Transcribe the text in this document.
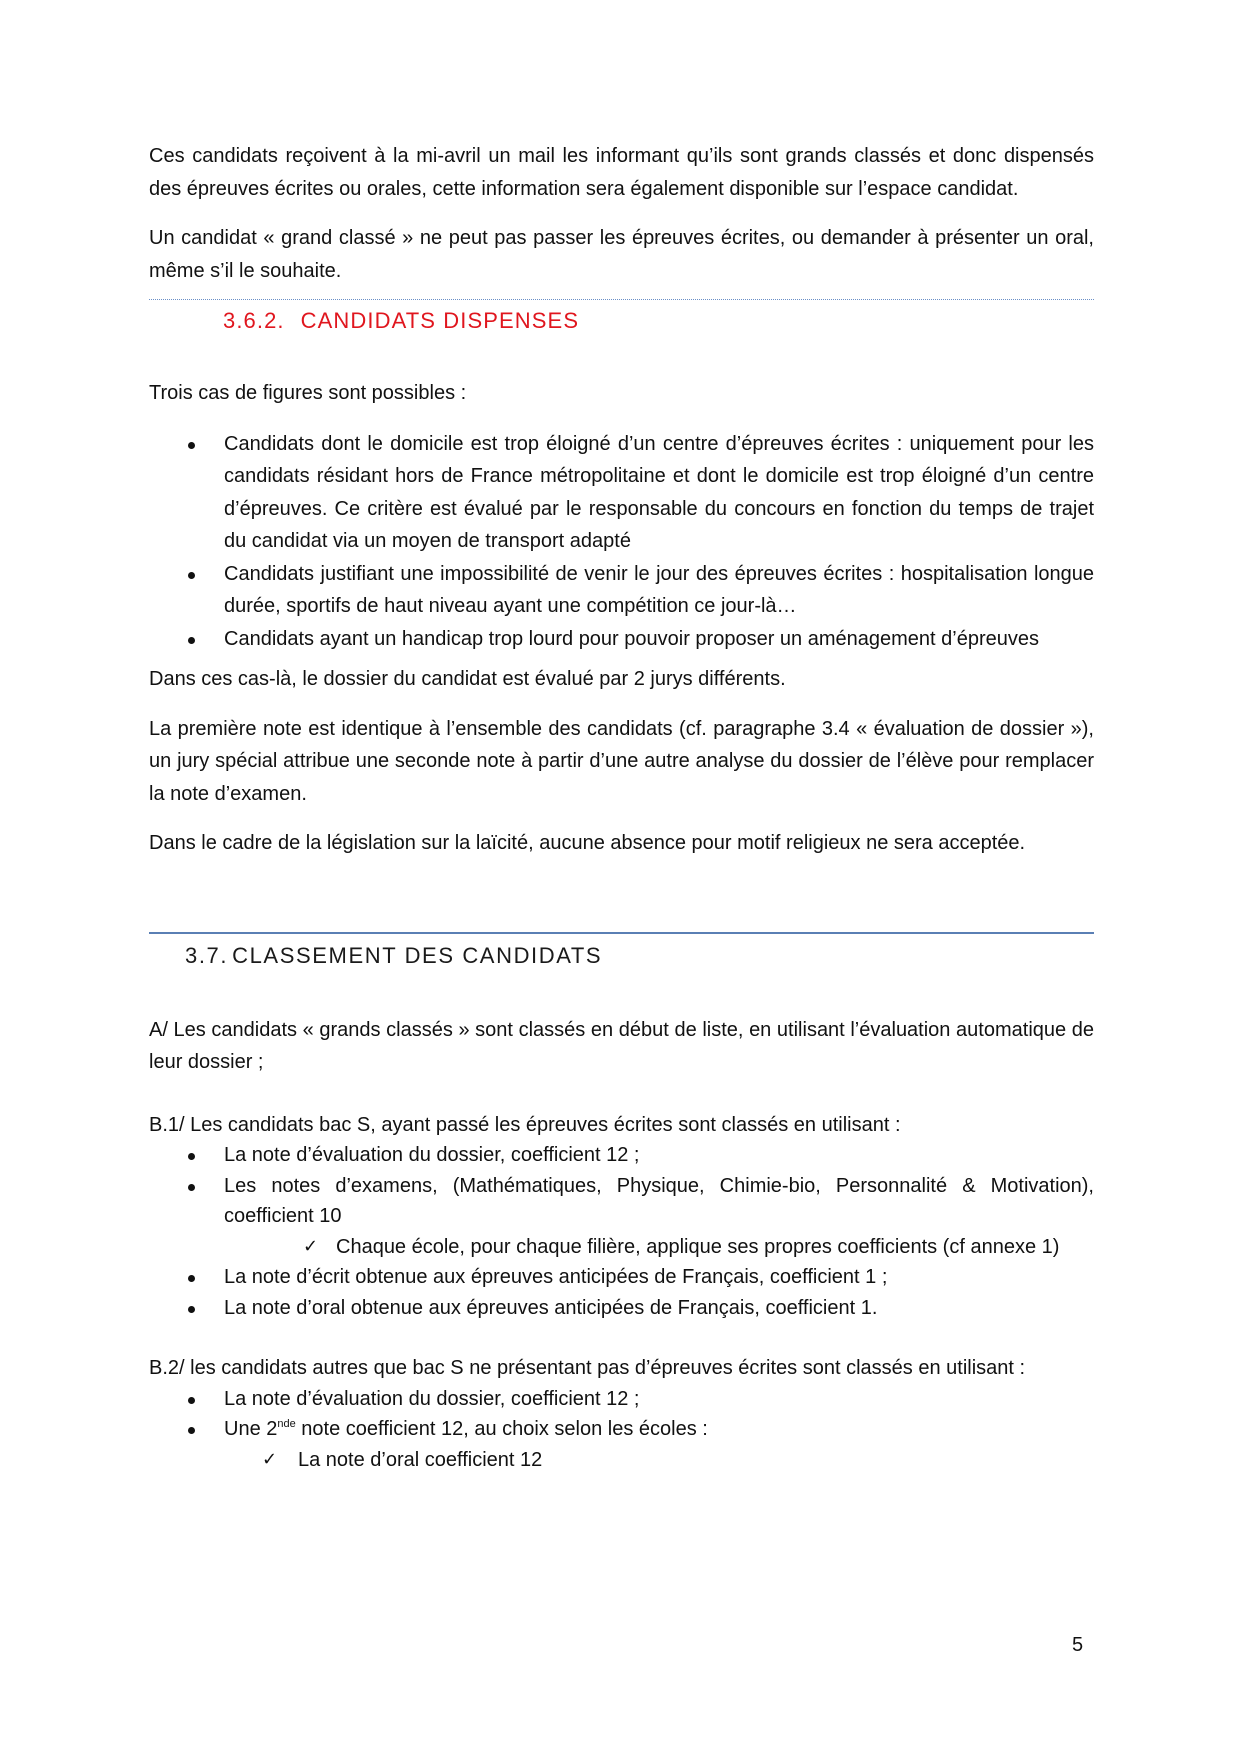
Ces candidats reçoivent à la mi-avril un mail les informant qu’ils sont grands classés et donc dispensés des épreuves écrites ou orales, cette information sera également disponible sur l’espace candidat.

Un candidat « grand classé » ne peut pas passer les épreuves écrites, ou demander à présenter un oral, même s’il le souhaite.

3.6.2. CANDIDATS DISPENSES

Trois cas de figures sont possibles :

Candidats dont le domicile est trop éloigné d’un centre d’épreuves écrites : uniquement pour les candidats résidant hors de France métropolitaine et dont le domicile est trop éloigné d’un centre d’épreuves. Ce critère est évalué par le responsable du concours en fonction du temps de trajet du candidat via un moyen de transport adapté
Candidats justifiant une impossibilité de venir le jour des épreuves écrites : hospitalisation longue durée, sportifs de haut niveau ayant une compétition ce jour-là…
Candidats ayant un handicap trop lourd pour pouvoir proposer un aménagement d’épreuves

Dans ces cas-là, le dossier du candidat est évalué par 2 jurys différents.

La première note est identique à l’ensemble des candidats (cf. paragraphe 3.4 « évaluation de dossier »), un jury spécial attribue une seconde note à partir d’une autre analyse du dossier de l’élève pour remplacer la note d’examen.

Dans le cadre de la législation sur la laïcité, aucune absence pour motif religieux ne sera acceptée.

3.7. CLASSEMENT DES CANDIDATS

A/ Les candidats « grands classés » sont classés en début de liste, en utilisant l’évaluation automatique de leur dossier ;

B.1/ Les candidats bac S, ayant passé les épreuves écrites sont classés en utilisant :

La note d’évaluation du dossier, coefficient 12 ;
Les notes d’examens, (Mathématiques, Physique, Chimie-bio, Personnalité & Motivation), coefficient 10
✓ Chaque école, pour chaque filière, applique ses propres coefficients (cf annexe 1)
La note d’écrit obtenue aux épreuves anticipées de Français, coefficient 1 ;
La note d’oral obtenue aux épreuves anticipées de Français, coefficient 1.

B.2/ les candidats autres que bac S ne présentant pas d’épreuves écrites sont classés en utilisant :

La note d’évaluation du dossier, coefficient 12 ;
Une 2nde note coefficient 12, au choix selon les écoles :
✓ La note d’oral coefficient 12
5
